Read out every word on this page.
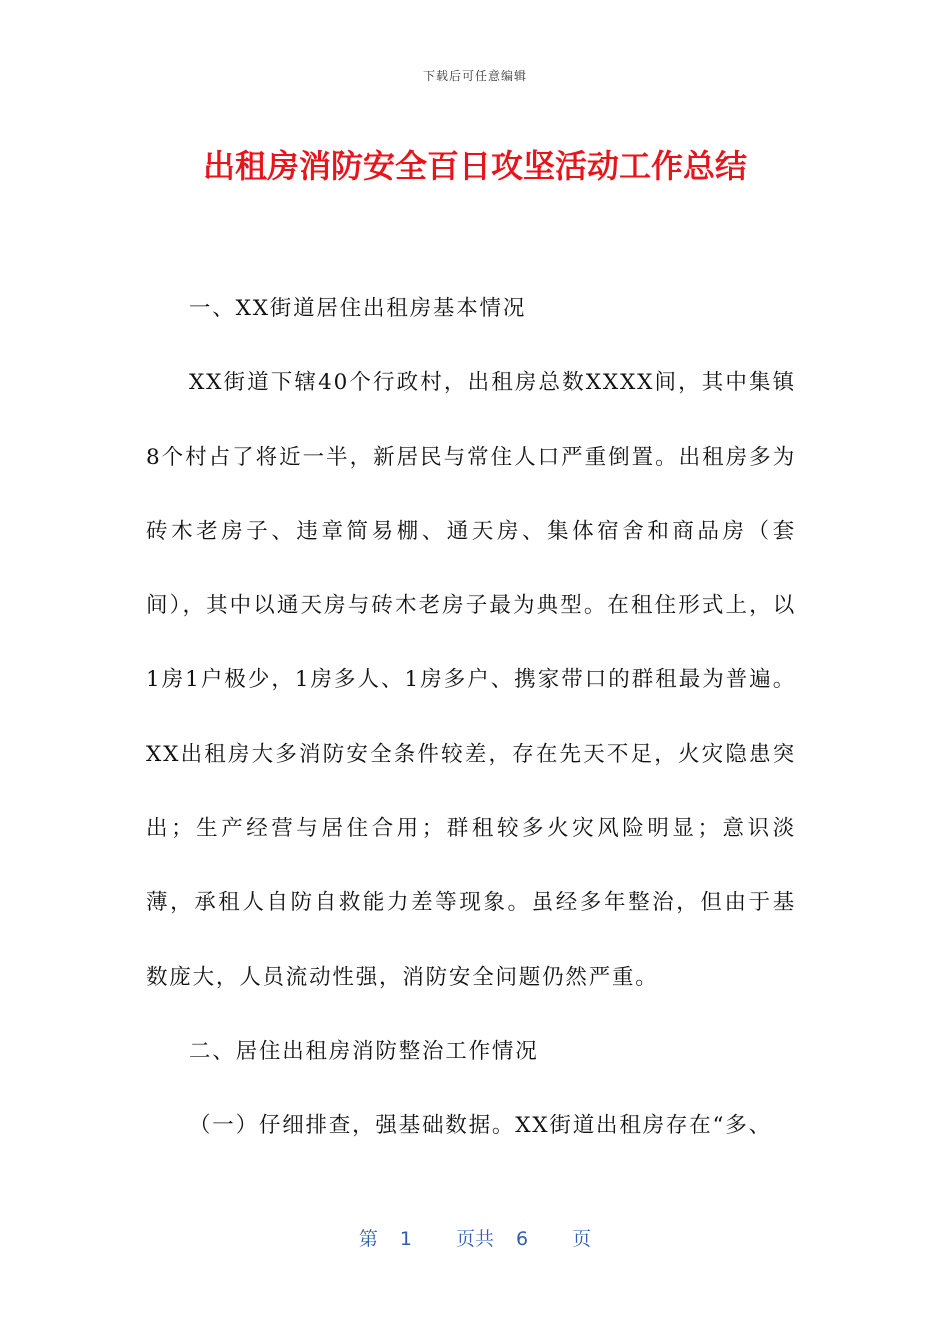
下载后可任意编辑
出租房消防安全百日攻坚活动工作总结

一、XX街道居住出租房基本情况

XX街道下辖40个行政村，出租房总数XXXX间，其中集镇8个村占了将近一半，新居民与常住人口严重倒置。出租房多为砖木老房子、违章简易棚、通天房、集体宿舍和商品房（套间），其中以通天房与砖木老房子最为典型。在租住形式上，以1房1户极少，1房多人、1房多户、携家带口的群租最为普遍。XX出租房大多消防安全条件较差，存在先天不足，火灾隐患突出；生产经营与居住合用；群租较多火灾风险明显；意识淡薄，承租人自防自救能力差等现象。虽经多年整治，但由于基数庞大，人员流动性强，消防安全问题仍然严重。

二、居住出租房消防整治工作情况

（一）仔细排查，强基础数据。XX街道出租房存在“多、

第 1 页共 6 页
